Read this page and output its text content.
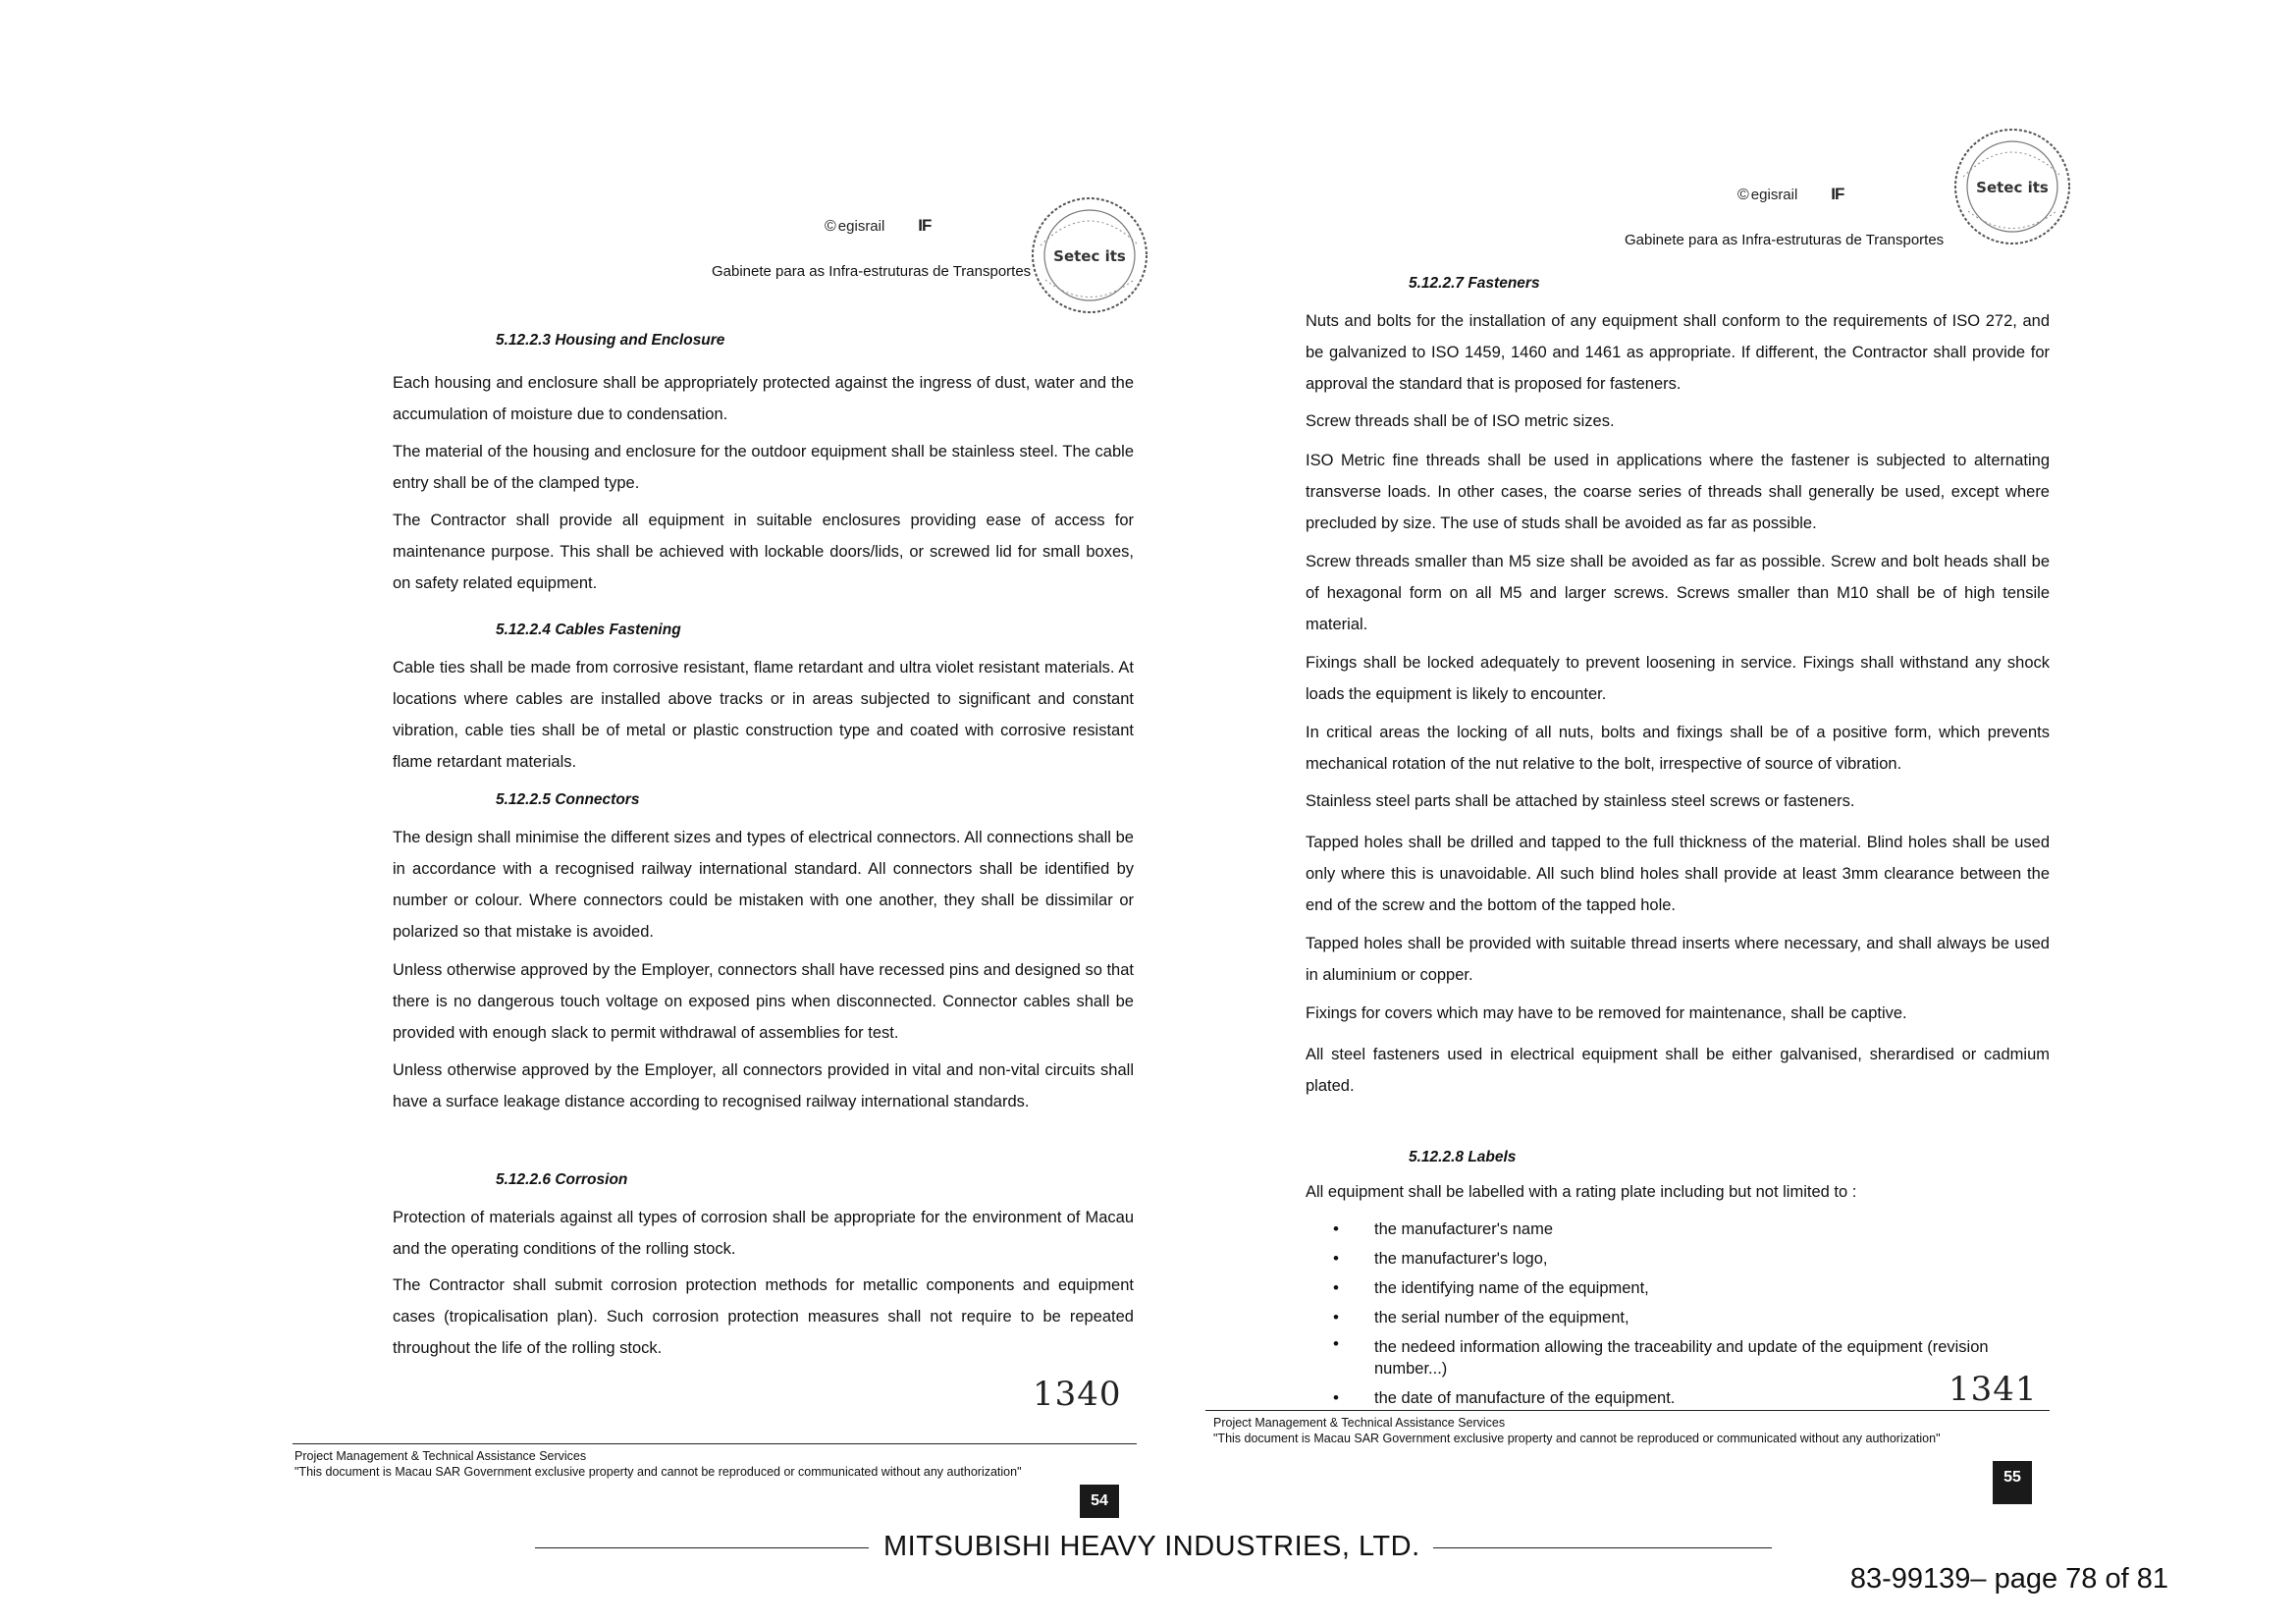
© egisrail IF
Gabinete para as Infra-estruturas de Transportes
Setec its
5.12.2.3 Housing and Enclosure
Each housing and enclosure shall be appropriately protected against the ingress of dust, water and the accumulation of moisture due to condensation.
The material of the housing and enclosure for the outdoor equipment shall be stainless steel. The cable entry shall be of the clamped type.
The Contractor shall provide all equipment in suitable enclosures providing ease of access for maintenance purpose. This shall be achieved with lockable doors/lids, or screwed lid for small boxes, on safety related equipment.
5.12.2.4 Cables Fastening
Cable ties shall be made from corrosive resistant, flame retardant and ultra violet resistant materials. At locations where cables are installed above tracks or in areas subjected to significant and constant vibration, cable ties shall be of metal or plastic construction type and coated with corrosive resistant flame retardant materials.
5.12.2.5 Connectors
The design shall minimise the different sizes and types of electrical connectors. All connections shall be in accordance with a recognised railway international standard. All connectors shall be identified by number or colour. Where connectors could be mistaken with one another, they shall be dissimilar or polarized so that mistake is avoided.
Unless otherwise approved by the Employer, connectors shall have recessed pins and designed so that there is no dangerous touch voltage on exposed pins when disconnected. Connector cables shall be provided with enough slack to permit withdrawal of assemblies for test.
Unless otherwise approved by the Employer, all connectors provided in vital and non-vital circuits shall have a surface leakage distance according to recognised railway international standards.
5.12.2.6 Corrosion
Protection of materials against all types of corrosion shall be appropriate for the environment of Macau and the operating conditions of the rolling stock.
The Contractor shall submit corrosion protection methods for metallic components and equipment cases (tropicalisation plan). Such corrosion protection measures shall not require to be repeated throughout the life of the rolling stock.
1340
Project Management & Technical Assistance Services
"This document is Macau SAR Government exclusive property and cannot be reproduced or communicated without any authorization"
54
© egisrail IF
Gabinete para as Infra-estruturas de Transportes
Setec its
5.12.2.7 Fasteners
Nuts and bolts for the installation of any equipment shall conform to the requirements of ISO 272, and be galvanized to ISO 1459, 1460 and 1461 as appropriate. If different, the Contractor shall provide for approval the standard that is proposed for fasteners.
Screw threads shall be of ISO metric sizes.
ISO Metric fine threads shall be used in applications where the fastener is subjected to alternating transverse loads. In other cases, the coarse series of threads shall generally be used, except where precluded by size. The use of studs shall be avoided as far as possible.
Screw threads smaller than M5 size shall be avoided as far as possible. Screw and bolt heads shall be of hexagonal form on all M5 and larger screws. Screws smaller than M10 shall be of high tensile material.
Fixings shall be locked adequately to prevent loosening in service. Fixings shall withstand any shock loads the equipment is likely to encounter.
In critical areas the locking of all nuts, bolts and fixings shall be of a positive form, which prevents mechanical rotation of the nut relative to the bolt, irrespective of source of vibration.
Stainless steel parts shall be attached by stainless steel screws or fasteners.
Tapped holes shall be drilled and tapped to the full thickness of the material. Blind holes shall be used only where this is unavoidable. All such blind holes shall provide at least 3mm clearance between the end of the screw and the bottom of the tapped hole.
Tapped holes shall be provided with suitable thread inserts where necessary, and shall always be used in aluminium or copper.
Fixings for covers which may have to be removed for maintenance, shall be captive.
All steel fasteners used in electrical equipment shall be either galvanised, sherardised or cadmium plated.
5.12.2.8 Labels
All equipment shall be labelled with a rating plate including but not limited to :
• the manufacturer's name
• the manufacturer's logo,
• the identifying name of the equipment,
• the serial number of the equipment,
• the nedeed information allowing the traceability and update of the equipment (revision number...)
• the date of manufacture of the equipment.	1341
Project Management & Technical Assistance Services
"This document is Macau SAR Government exclusive property and cannot be reproduced or communicated without any authorization"
55
MITSUBISHI HEAVY INDUSTRIES, LTD.
83-99139– page 78 of 81
